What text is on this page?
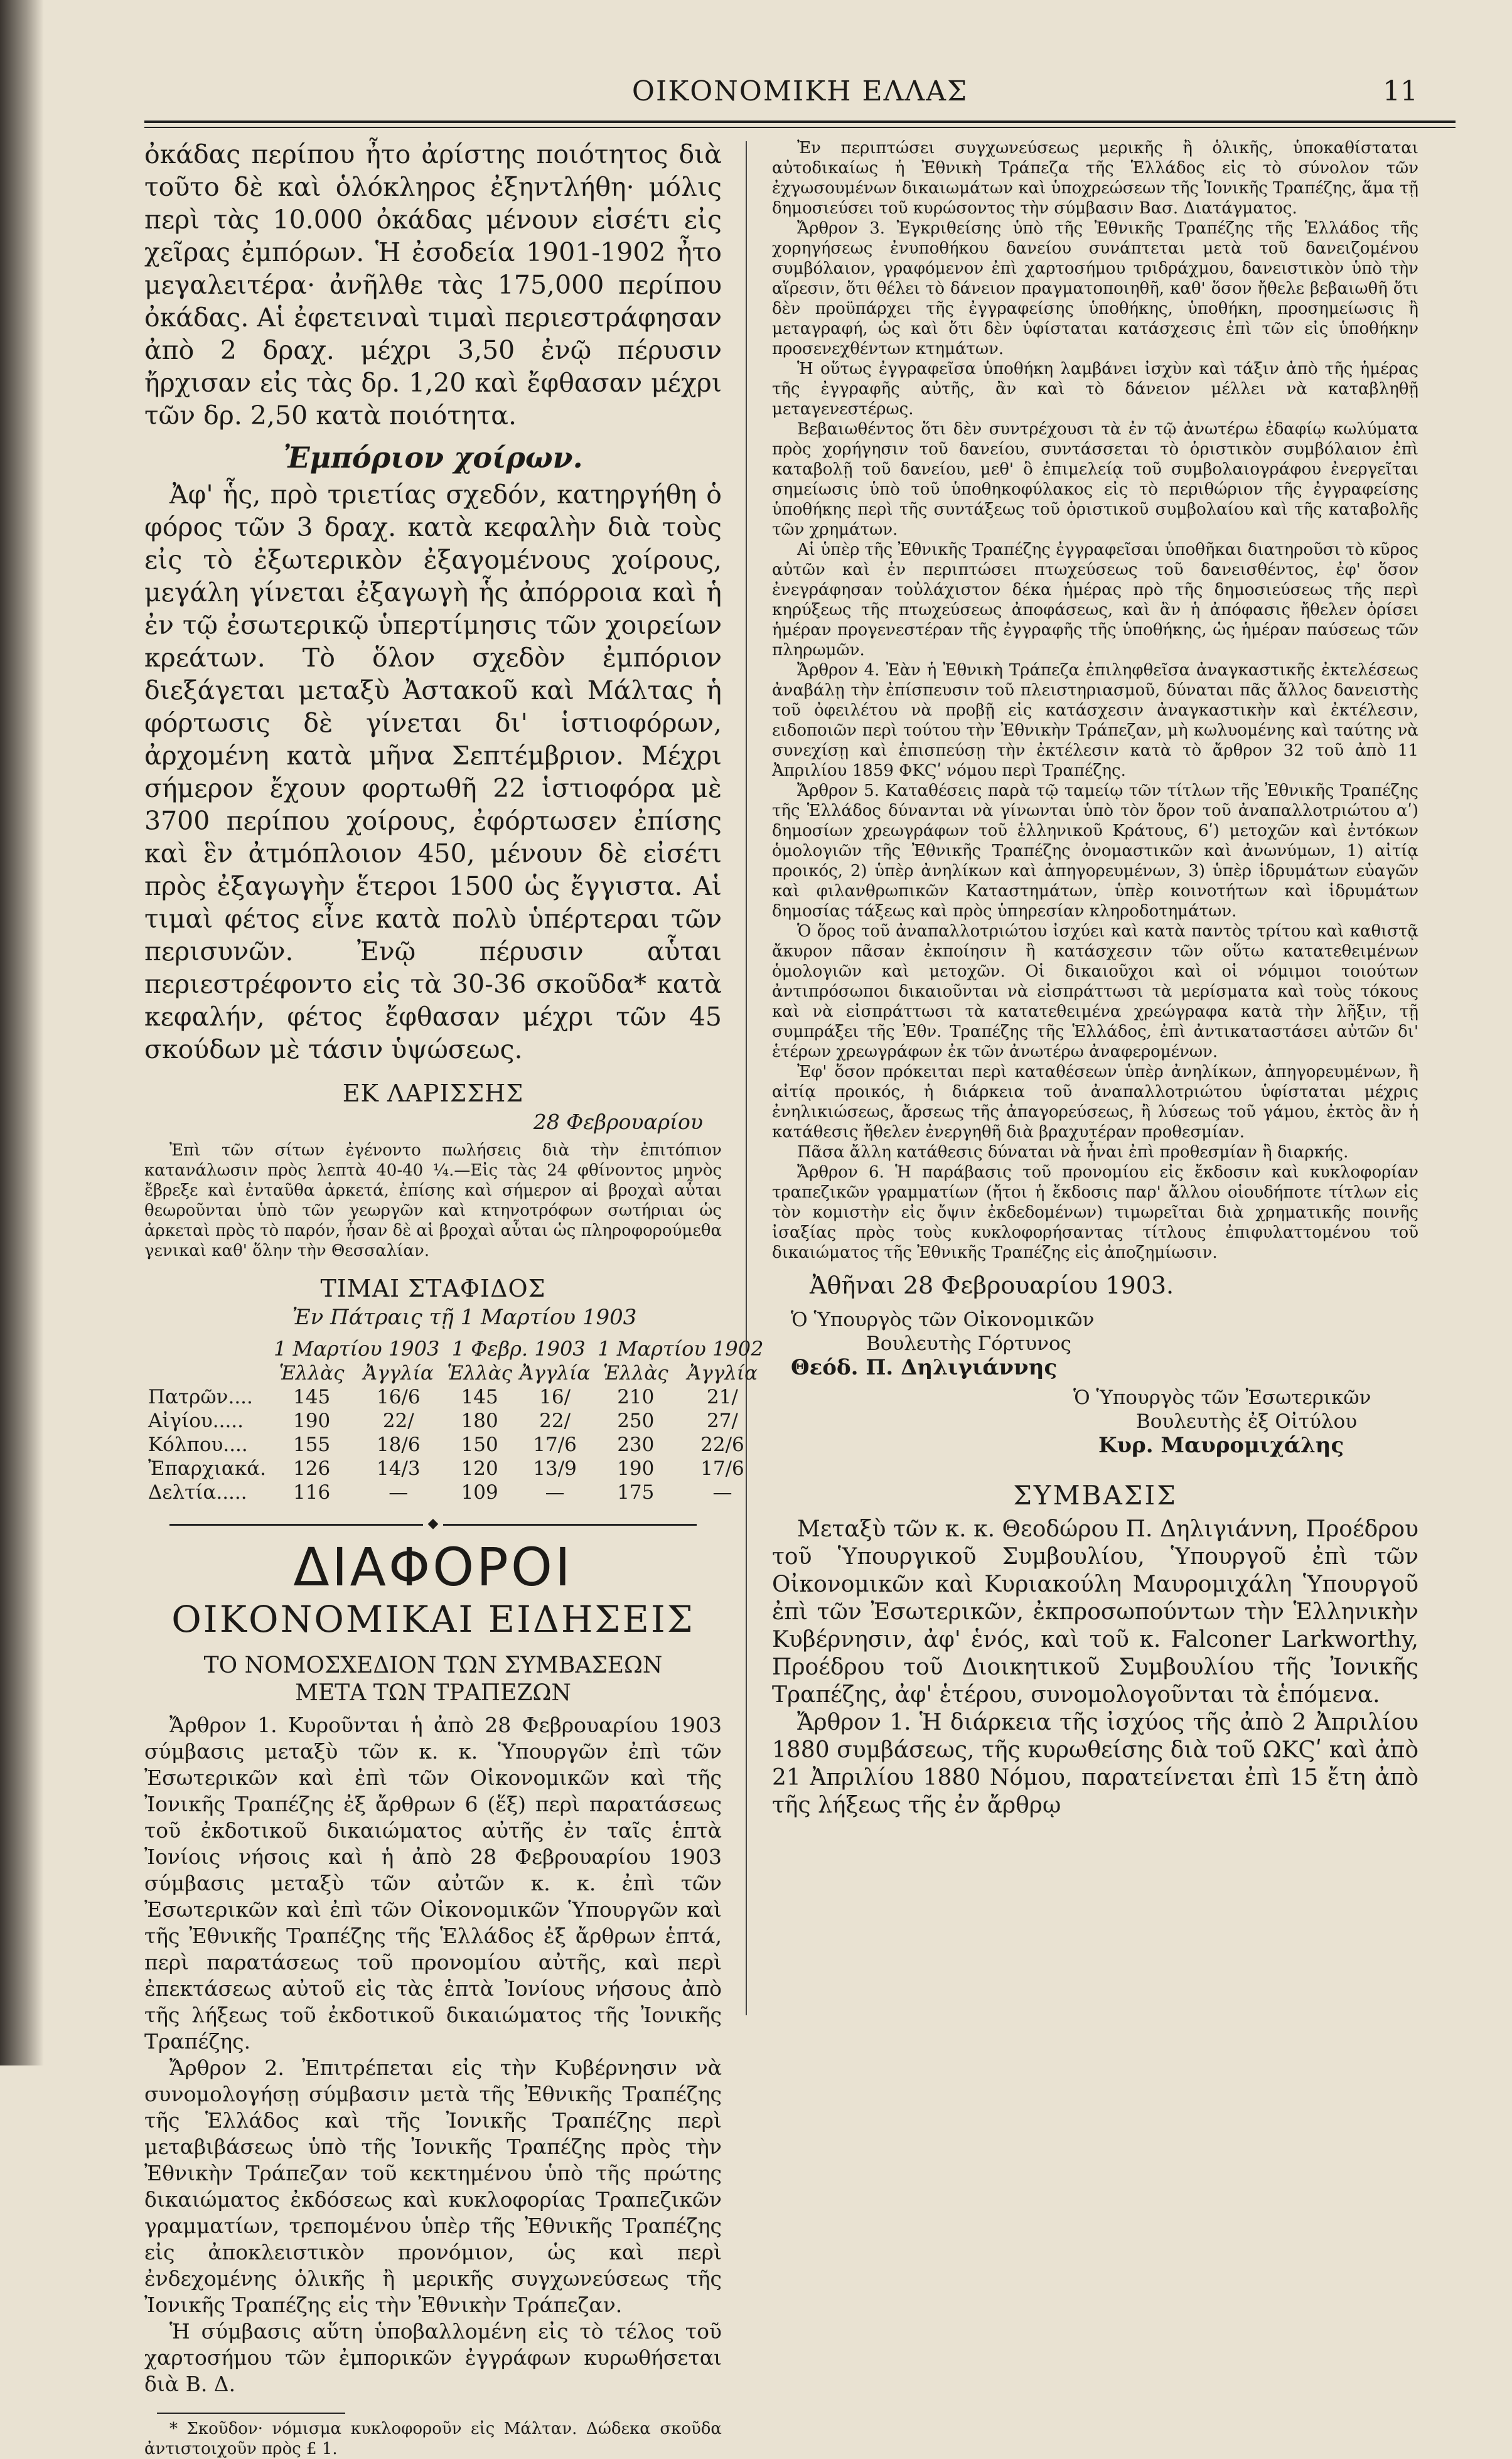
ΟΙΚΟΝΟΜΙΚΗ ΕΛΛΑΣ	11

ὀκάδας περίπου ἦτο ἀρίστης ποιότητος διὰ τοῦτο δὲ καὶ ὁλόκληρος ἐξηντλήθη· μόλις περὶ τὰς 10.000 ὀκάδας μένουν εἰσέτι εἰς χεῖρας ἐμπόρων. Ἡ ἐσοδεία 1901-1902 ἦτο μεγαλειτέρα· ἀνῆλθε τὰς 175,000 περίπου ὀκάδας. Αἱ ἐφετειναὶ τιμαὶ περιεστράφησαν ἀπὸ 2 δραχ. μέχρι 3,50 ἐνῷ πέρυσιν ἤρχισαν εἰς τὰς δρ. 1,20 καὶ ἔφθασαν μέχρι τῶν δρ. 2,50 κατὰ ποιότητα.

Ἐμπόριον χοίρων.

Ἀφ' ἧς, πρὸ τριετίας σχεδόν, κατηργήθη ὁ φόρος τῶν 3 δραχ. κατὰ κεφαλὴν διὰ τοὺς εἰς τὸ ἐξωτερικὸν ἐξαγομένους χοίρους, μεγάλη γίνεται ἐξαγωγὴ ἧς ἀπόρροια καὶ ἡ ἐν τῷ ἐσωτερικῷ ὑπερτίμησις τῶν χοιρείων κρεάτων. Τὸ ὅλον σχεδὸν ἐμπόριον διεξάγεται μεταξὺ Ἀστακοῦ καὶ Μάλτας ἡ φόρτωσις δὲ γίνεται δι' ἱστιοφόρων, ἀρχομένη κατὰ μῆνα Σεπτέμβριον. Μέχρι σήμερον ἔχουν φορτωθῆ 22 ἱστιοφόρα μὲ 3700 περίπου χοίρους, ἐφόρτωσεν ἐπίσης καὶ ἓν ἀτμόπλοιον 450, μένουν δὲ εἰσέτι πρὸς ἐξαγωγὴν ἕτεροι 1500 ὡς ἔγγιστα. Αἱ τιμαὶ φέτος εἶνε κατὰ πολὺ ὑπέρτεραι τῶν περισυνῶν. Ἐνῷ πέρυσιν αὗται περιεστρέφοντο εἰς τὰ 30-36 σκοῦδα* κατὰ κεφαλήν, φέτος ἔφθασαν μέχρι τῶν 45 σκούδων μὲ τάσιν ὑψώσεως.

ΕΚ ΛΑΡΙΣΣΗΣ
28 Φεβρουαρίου

Ἐπὶ τῶν σίτων ἐγένοντο πωλήσεις διὰ τὴν ἐπιτόπιον κατανάλωσιν πρὸς λεπτὰ 40-40 ¼.—Εἰς τὰς 24 φθίνοντος μηνὸς ἔβρεξε καὶ ἐνταῦθα ἀρκετά, ἐπίσης καὶ σήμερον αἱ βροχαὶ αὗται θεωροῦνται ὑπὸ τῶν γεωργῶν καὶ κτηνοτρόφων σωτήριαι ὡς ἀρκεταὶ πρὸς τὸ παρόν, ἦσαν δὲ αἱ βροχαὶ αὗται ὡς πληροφορούμεθα γενικαὶ καθ' ὅλην τὴν Θεσσαλίαν.

ΤΙΜΑΙ ΣΤΑΦΙΔΟΣ
Ἐν Πάτραις τῇ 1 Μαρτίου 1903
	1 Μαρτίου 1903		1 Φεβρ. 1903		1 Μαρτίου 1902	
	Ἑλλὰς	Ἀγγλία	Ἑλλὰς	Ἀγγλία	Ἑλλὰς	Ἀγγλία
Πατρῶν....	145	16/6	145	16/	210	21/
Αἰγίου.....	190	22/	180	22/	250	27/
Κόλπου....	155	18/6	150	17/6	230	22/6
Ἐπαρχιακά.	126	14/3	120	13/9	190	17/6
Δελτία.....	116	—	109	—	175	—
◆
ΔΙΑΦΟΡΟΙ
ΟΙΚΟΝΟΜΙΚΑΙ ΕΙΔΗΣΕΙΣ
ΤΟ ΝΟΜΟΣΧΕΔΙΟΝ ΤΩΝ ΣΥΜΒΑΣΕΩΝ
ΜΕΤΑ ΤΩΝ ΤΡΑΠΕΖΩΝ

Ἄρθρον 1. Κυροῦνται ἡ ἀπὸ 28 Φεβρουαρίου 1903 σύμβασις μεταξὺ τῶν κ. κ. Ὑπουργῶν ἐπὶ τῶν Ἐσωτερικῶν καὶ ἐπὶ τῶν Οἰκονομικῶν καὶ τῆς Ἰονικῆς Τραπέζης ἐξ ἄρθρων 6 (ἕξ) περὶ παρατάσεως τοῦ ἐκδοτικοῦ δικαιώματος αὐτῆς ἐν ταῖς ἑπτὰ Ἰονίοις νήσοις καὶ ἡ ἀπὸ 28 Φεβρουαρίου 1903 σύμβασις μεταξὺ τῶν αὐτῶν κ. κ. ἐπὶ τῶν Ἐσωτερικῶν καὶ ἐπὶ τῶν Οἰκονομικῶν Ὑπουργῶν καὶ τῆς Ἐθνικῆς Τραπέζης τῆς Ἑλλάδος ἐξ ἄρθρων ἑπτά, περὶ παρατάσεως τοῦ προνομίου αὐτῆς, καὶ περὶ ἐπεκτάσεως αὐτοῦ εἰς τὰς ἑπτὰ Ἰονίους νήσους ἀπὸ τῆς λήξεως τοῦ ἐκδοτικοῦ δικαιώματος τῆς Ἰονικῆς Τραπέζης.

Ἄρθρον 2. Ἐπιτρέπεται εἰς τὴν Κυβέρνησιν νὰ συνομολογήσῃ σύμβασιν μετὰ τῆς Ἐθνικῆς Τραπέζης τῆς Ἑλλάδος καὶ τῆς Ἰονικῆς Τραπέζης περὶ μεταβιβάσεως ὑπὸ τῆς Ἰονικῆς Τραπέζης πρὸς τὴν Ἐθνικὴν Τράπεζαν τοῦ κεκτημένου ὑπὸ τῆς πρώτης δικαιώματος ἐκδόσεως καὶ κυκλοφορίας Τραπεζικῶν γραμματίων, τρεπομένου ὑπὲρ τῆς Ἐθνικῆς Τραπέζης εἰς ἀποκλειστικὸν προνόμιον, ὡς καὶ περὶ ἐνδεχομένης ὁλικῆς ἢ μερικῆς συγχωνεύσεως τῆς Ἰονικῆς Τραπέζης εἰς τὴν Ἐθνικὴν Τράπεζαν.

Ἡ σύμβασις αὕτη ὑποβαλλομένη εἰς τὸ τέλος τοῦ χαρτοσήμου τῶν ἐμπορικῶν ἐγγράφων κυρωθήσεται διὰ Β. Δ.

* Σκοῦδον· νόμισμα κυκλοφοροῦν εἰς Μάλταν. Δώδεκα σκοῦδα ἀντιστοιχοῦν πρὸς £ 1.

Ἐν περιπτώσει συγχωνεύσεως μερικῆς ἢ ὁλικῆς, ὑποκαθίσταται αὐτοδικαίως ἡ Ἐθνικὴ Τράπεζα τῆς Ἑλλάδος εἰς τὸ σύνολον τῶν ἐχγωσουμένων δικαιωμάτων καὶ ὑποχρεώσεων τῆς Ἰονικῆς Τραπέζης, ἅμα τῇ δημοσιεύσει τοῦ κυρώσοντος τὴν σύμβασιν Βασ. Διατάγματος.

Ἄρθρον 3. Ἐγκριθείσης ὑπὸ τῆς Ἐθνικῆς Τραπέζης τῆς Ἑλλάδος τῆς χορηγήσεως ἐνυποθήκου δανείου συνάπτεται μετὰ τοῦ δανειζομένου συμβόλαιον, γραφόμενον ἐπὶ χαρτοσήμου τριδράχμου, δανειστικὸν ὑπὸ τὴν αἵρεσιν, ὅτι θέλει τὸ δάνειον πραγματοποιηθῆ, καθ' ὅσον ἤθελε βεβαιωθῆ ὅτι δὲν προϋπάρχει τῆς ἐγγραφείσης ὑποθήκης, ὑποθήκη, προσημείωσις ἢ μεταγραφή, ὡς καὶ ὅτι δὲν ὑφίσταται κατάσχεσις ἐπὶ τῶν εἰς ὑποθήκην προσενεχθέντων κτημάτων.

Ἡ οὕτως ἐγγραφεῖσα ὑποθήκη λαμβάνει ἰσχὺν καὶ τάξιν ἀπὸ τῆς ἡμέρας τῆς ἐγγραφῆς αὐτῆς, ἂν καὶ τὸ δάνειον μέλλει νὰ καταβληθῇ μεταγενεστέρως.

Βεβαιωθέντος ὅτι δὲν συντρέχουσι τὰ ἐν τῷ ἀνωτέρω ἐδαφίῳ κωλύματα πρὸς χορήγησιν τοῦ δανείου, συντάσσεται τὸ ὁριστικὸν συμβόλαιον ἐπὶ καταβολῇ τοῦ δανείου, μεθ' ὃ ἐπιμελείᾳ τοῦ συμβολαιογράφου ἐνεργεῖται σημείωσις ὑπὸ τοῦ ὑποθηκοφύλακος εἰς τὸ περιθώριον τῆς ἐγγραφείσης ὑποθήκης περὶ τῆς συντάξεως τοῦ ὁριστικοῦ συμβολαίου καὶ τῆς καταβολῆς τῶν χρημάτων.

Αἱ ὑπὲρ τῆς Ἐθνικῆς Τραπέζης ἐγγραφεῖσαι ὑποθῆκαι διατηροῦσι τὸ κῦρος αὐτῶν καὶ ἐν περιπτώσει πτωχεύσεως τοῦ δανεισθέντος, ἐφ' ὅσον ἐνεγράφησαν τοὐλάχιστον δέκα ἡμέρας πρὸ τῆς δημοσιεύσεως τῆς περὶ κηρύξεως τῆς πτωχεύσεως ἀποφάσεως, καὶ ἂν ἡ ἀπόφασις ἤθελεν ὁρίσει ἡμέραν προγενεστέραν τῆς ἐγγραφῆς τῆς ὑποθήκης, ὡς ἡμέραν παύσεως τῶν πληρωμῶν.

Ἄρθρον 4. Ἐὰν ἡ Ἐθνικὴ Τράπεζα ἐπιληφθεῖσα ἀναγκαστικῆς ἐκτελέσεως ἀναβάλῃ τὴν ἐπίσπευσιν τοῦ πλειστηριασμοῦ, δύναται πᾶς ἄλλος δανειστὴς τοῦ ὀφειλέτου νὰ προβῇ εἰς κατάσχεσιν ἀναγκαστικὴν καὶ ἐκτέλεσιν, ειδοποιῶν περὶ τούτου τὴν Ἐθνικὴν Τράπεζαν, μὴ κωλυομένης καὶ ταύτης νὰ συνεχίσῃ καὶ ἐπισπεύσῃ τὴν ἐκτέλεσιν κατὰ τὸ ἄρθρον 32 τοῦ ἀπὸ 11 Ἀπριλίου 1859 ΦΚϚʹ νόμου περὶ Τραπέζης.

Ἄρθρον 5. Καταθέσεις παρὰ τῷ ταμείῳ τῶν τίτλων τῆς Ἐθνικῆς Τραπέζης τῆς Ἑλλάδος δύνανται νὰ γίνωνται ὑπὸ τὸν ὅρον τοῦ ἀναπαλλοτριώτου αʹ) δημοσίων χρεωγράφων τοῦ ἑλληνικοῦ Κράτους, 6ʹ) μετοχῶν καὶ ἐντόκων ὁμολογιῶν τῆς Ἐθνικῆς Τραπέζης ὀνομαστικῶν καὶ ἀνωνύμων, 1) αἰτίᾳ προικός, 2) ὑπὲρ ἀνηλίκων καὶ ἀπηγορευμένων, 3) ὑπὲρ ἱδρυμάτων εὐαγῶν καὶ φιλανθρωπικῶν Καταστημάτων, ὑπὲρ κοινοτήτων καὶ ἱδρυμάτων δημοσίας τάξεως καὶ πρὸς ὑπηρεσίαν κληροδοτημάτων.

Ὁ ὅρος τοῦ ἀναπαλλοτριώτου ἰσχύει καὶ κατὰ παντὸς τρίτου καὶ καθιστᾷ ἄκυρον πᾶσαν ἐκποίησιν ἢ κατάσχεσιν τῶν οὕτω κατατεθειμένων ὁμολογιῶν καὶ μετοχῶν. Οἱ δικαιοῦχοι καὶ οἱ νόμιμοι τοιούτων ἀντιπρόσωποι δικαιοῦνται νὰ εἰσπράττωσι τὰ μερίσματα καὶ τοὺς τόκους καὶ νὰ εἰσπράττωσι τὰ κατατεθειμένα χρεώγραφα κατὰ τὴν λῆξιν, τῇ συμπράξει τῆς Ἐθν. Τραπέζης τῆς Ἑλλάδος, ἐπὶ ἀντικαταστάσει αὐτῶν δι' ἑτέρων χρεωγράφων ἐκ τῶν ἀνωτέρω ἀναφερομένων.

Ἐφ' ὅσον πρόκειται περὶ καταθέσεων ὑπὲρ ἀνηλίκων, ἀπηγορευμένων, ἢ αἰτίᾳ προικός, ἡ διάρκεια τοῦ ἀναπαλλοτριώτου ὑφίσταται μέχρις ἐνηλικιώσεως, ἄρσεως τῆς ἀπαγορεύσεως, ἢ λύσεως τοῦ γάμου, ἐκτὸς ἂν ἡ κατάθεσις ἤθελεν ἐνεργηθῆ διὰ βραχυτέραν προθεσμίαν.

Πᾶσα ἄλλη κατάθεσις δύναται νὰ ἦναι ἐπὶ προθεσμίαν ἢ διαρκής.

Ἄρθρον 6. Ἡ παράβασις τοῦ προνομίου εἰς ἔκδοσιν καὶ κυκλοφορίαν τραπεζικῶν γραμματίων (ἤτοι ἡ ἔκδοσις παρ' ἄλλου οἱουδήποτε τίτλων εἰς τὸν κομιστὴν εἰς ὄψιν ἐκδεδομένων) τιμωρεῖται διὰ χρηματικῆς ποινῆς ἰσαξίας πρὸς τοὺς κυκλοφορήσαντας τίτλους ἐπιφυλαττομένου τοῦ δικαιώματος τῆς Ἐθνικῆς Τραπέζης εἰς ἀποζημίωσιν.

Ἀθῆναι 28 Φεβρουαρίου 1903.
Ὁ Ὑπουργὸς τῶν Οἰκονομικῶν
Βουλευτὴς Γόρτυνος
Θεόδ. Π. Δηλιγιάννης
Ὁ Ὑπουργὸς τῶν Ἐσωτερικῶν
Βουλευτὴς ἐξ Οἰτύλου
Κυρ. Μαυρομιχάλης
ΣΥΜΒΑΣΙΣ

Μεταξὺ τῶν κ. κ. Θεοδώρου Π. Δηλιγιάννη, Προέδρου τοῦ Ὑπουργικοῦ Συμβουλίου, Ὑπουργοῦ ἐπὶ τῶν Οἰκονομικῶν καὶ Κυριακούλη Μαυρομιχάλη Ὑπουργοῦ ἐπὶ τῶν Ἐσωτερικῶν, ἐκπροσωπούντων τὴν Ἑλληνικὴν Κυβέρνησιν, ἀφ' ἑνός, καὶ τοῦ κ. Falconer Larkworthy, Προέδρου τοῦ Διοικητικοῦ Συμβουλίου τῆς Ἰονικῆς Τραπέζης, ἀφ' ἑτέρου, συνομολογοῦνται τὰ ἑπόμενα.

Ἄρθρον 1. Ἡ διάρκεια τῆς ἰσχύος τῆς ἀπὸ 2 Ἀπριλίου 1880 συμβάσεως, τῆς κυρωθείσης διὰ τοῦ ΩΚϚʹ καὶ ἀπὸ 21 Ἀπριλίου 1880 Νόμου, παρατείνεται ἐπὶ 15 ἔτη ἀπὸ τῆς λήξεως τῆς ἐν ἄρθρῳ
